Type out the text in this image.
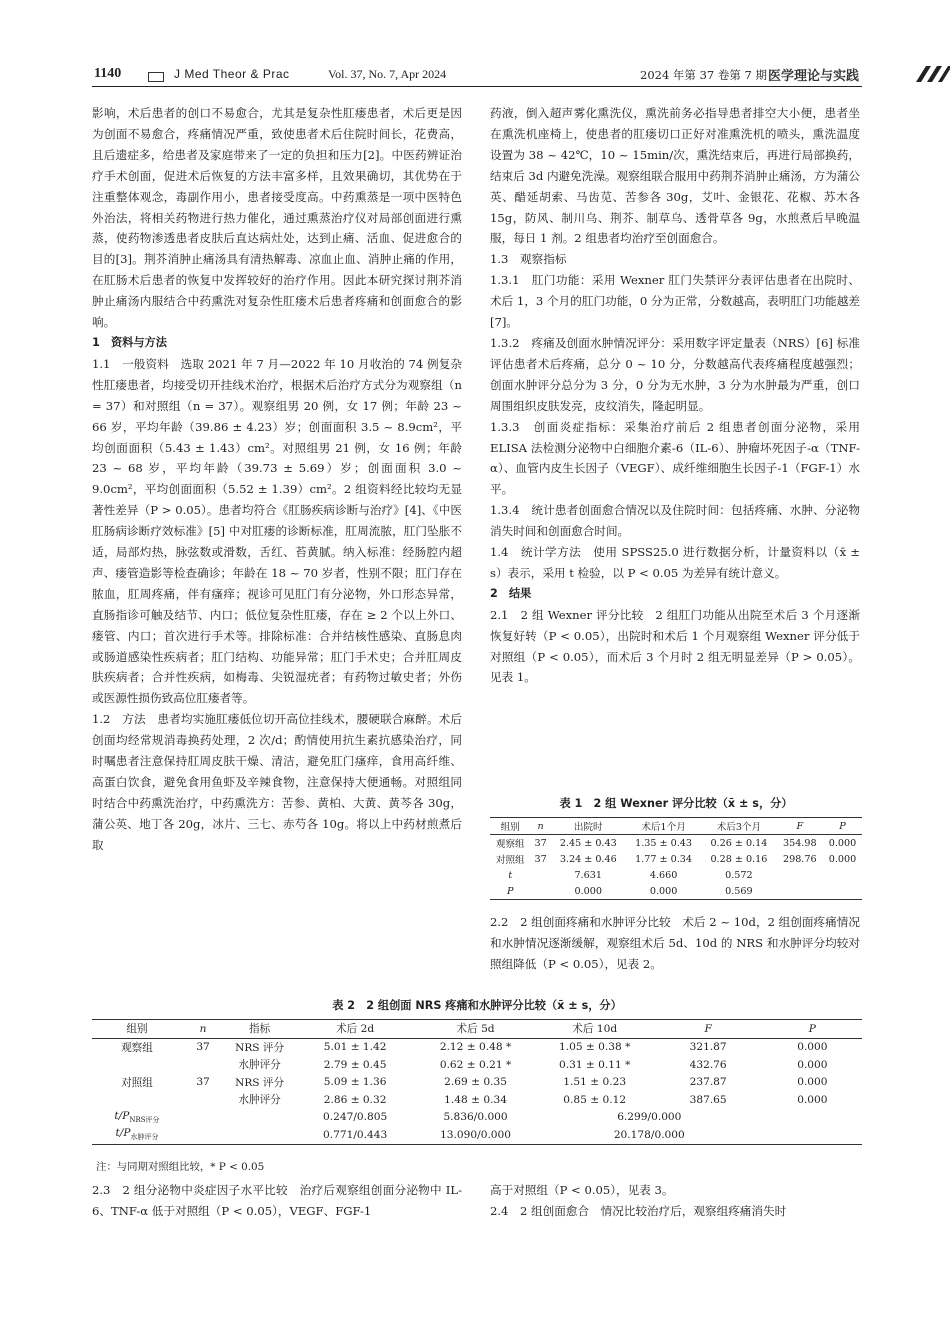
1140	J Med Theor & Prac	Vol. 37, No. 7, Apr 2024	2024 年第 37 卷第 7 期 医学理论与实践

影响，术后患者的创口不易愈合，尤其是复杂性肛瘘患者，术后更是因为创面不易愈合，疼痛情况严重，致使患者术后住院时间长，花费高，且后遗症多，给患者及家庭带来了一定的负担和压力[2]。中医药辨证治疗手术创面，促进术后恢复的方法丰富多样，且效果确切，其优势在于注重整体观念，毒副作用小，患者接受度高。中药熏蒸是一项中医特色外治法，将相关药物进行热力催化，通过熏蒸治疗仪对局部创面进行熏蒸，使药物渗透患者皮肤后直达病灶处，达到止痛、活血、促进愈合的目的[3]。荆芥消肿止痛汤具有清热解毒、凉血止血、消肿止痛的作用，在肛肠术后患者的恢复中发挥较好的治疗作用。因此本研究探讨荆芥消肿止痛汤内服结合中药熏洗对复杂性肛瘘术后患者疼痛和创面愈合的影响。

1　资料与方法

1.1　一般资料　选取 2021 年 7 月—2022 年 10 月收治的 74 例复杂性肛瘘患者，均接受切开挂线术治疗，根据术后治疗方式分为观察组（n = 37）和对照组（n = 37）。观察组男 20 例，女 17 例；年龄 23 ~ 66 岁，平均年龄（39.86 ± 4.23）岁；创面面积 3.5 ~ 8.9cm²，平均创面面积（5.43 ± 1.43）cm²。对照组男 21 例，女 16 例；年龄 23 ~ 68 岁，平均年龄（39.73 ± 5.69）岁；创面面积 3.0 ~ 9.0cm²，平均创面面积（5.52 ± 1.39）cm²。2 组资料经比较均无显著性差异（P > 0.05）。患者均符合《肛肠疾病诊断与治疗》[4]、《中医肛肠病诊断疗效标准》[5] 中对肛瘘的诊断标准，肛周流脓，肛门坠胀不适，局部灼热，脉弦数或滑数，舌红、苔黄腻。纳入标准：经肠腔内超声、瘘管造影等检查确诊；年龄在 18 ~ 70 岁者，性别不限；肛门存在脓血，肛周疼痛，伴有瘙痒；视诊可见肛门有分泌物，外口形态异常，直肠指诊可触及结节、内口；低位复杂性肛瘘，存在 ≥ 2 个以上外口、瘘管、内口；首次进行手术等。排除标准：合并结核性感染、直肠息肉或肠道感染性疾病者；肛门结构、功能异常；肛门手术史；合并肛周皮肤疾病者；合并性疾病，如梅毒、尖锐湿疣者；有药物过敏史者；外伤或医源性损伤致高位肛瘘者等。

1.2　方法　患者均实施肛瘘低位切开高位挂线术，腰硬联合麻醉。术后创面均经常规消毒换药处理，2 次/d；酌情使用抗生素抗感染治疗，同时嘱患者注意保持肛周皮肤干燥、清洁，避免肛门瘙痒，食用高纤维、高蛋白饮食，避免食用鱼虾及辛辣食物，注意保持大便通畅。对照组同时结合中药熏洗治疗，中药熏洗方：苦参、黄柏、大黄、黄芩各 30g，蒲公英、地丁各 20g，冰片、三七、赤芍各 10g。将以上中药材煎煮后取

药液，倒入超声雾化熏洗仪，熏洗前务必指导患者排空大小便，患者坐在熏洗机座椅上，使患者的肛瘘切口正好对准熏洗机的喷头，熏洗温度设置为 38 ~ 42℃，10 ~ 15min/次，熏洗结束后，再进行局部换药，结束后 3d 内避免洗澡。观察组联合服用中药荆芥消肿止痛汤，方为蒲公英、醋延胡索、马齿苋、苦参各 30g，艾叶、金银花、花椒、苏木各 15g，防风、制川乌、荆芥、制草乌、透骨草各 9g，水煎煮后早晚温服，每日 1 剂。2 组患者均治疗至创面愈合。

1.3　观察指标

1.3.1　肛门功能：采用 Wexner 肛门失禁评分表评估患者在出院时、术后 1，3 个月的肛门功能，0 分为正常，分数越高，表明肛门功能越差[7]。

1.3.2　疼痛及创面水肿情况评分：采用数字评定量表（NRS）[6] 标准评估患者术后疼痛，总分 0 ~ 10 分，分数越高代表疼痛程度越强烈；创面水肿评分总分为 3 分，0 分为无水肿，3 分为水肿最为严重，创口周围组织皮肤发亮，皮纹消失，隆起明显。

1.3.3　创面炎症指标：采集治疗前后 2 组患者创面分泌物，采用 ELISA 法检测分泌物中白细胞介素-6（IL-6）、肿瘤坏死因子-α（TNF-α）、血管内皮生长因子（VEGF）、成纤维细胞生长因子-1（FGF-1）水平。

1.3.4　统计患者创面愈合情况以及住院时间：包括疼痛、水肿、分泌物消失时间和创面愈合时间。

1.4　统计学方法　使用 SPSS25.0 进行数据分析，计量资料以（x̄ ± s）表示，采用 t 检验，以 P < 0.05 为差异有统计意义。

2　结果

2.1　2 组 Wexner 评分比较　2 组肛门功能从出院至术后 3 个月逐渐恢复好转（P < 0.05），出院时和术后 1 个月观察组 Wexner 评分低于对照组（P < 0.05），而术后 3 个月时 2 组无明显差异（P > 0.05）。见表 1。

表 1　2 组 Wexner 评分比较（x̄ ± s，分）
组别	n	出院时	术后1个月	术后3个月	F	P
观察组	37	2.45 ± 0.43	1.35 ± 0.43	0.26 ± 0.14	354.98	0.000
对照组	37	3.24 ± 0.46	1.77 ± 0.34	0.28 ± 0.16	298.76	0.000
t		7.631	4.660	0.572		
P		0.000	0.000	0.569		

2.2　2 组创面疼痛和水肿评分比较　术后 2 ~ 10d，2 组创面疼痛情况和水肿情况逐渐缓解，观察组术后 5d、10d 的 NRS 和水肿评分均较对照组降低（P < 0.05），见表 2。

表 2　2 组创面 NRS 疼痛和水肿评分比较（x̄ ± s，分）
组别	n	指标	术后 2d	术后 5d	术后 10d	F	P
观察组	37	NRS 评分	5.01 ± 1.42	2.12 ± 0.48 *	1.05 ± 0.38 *	321.87	0.000
		水肿评分	2.79 ± 0.45	0.62 ± 0.21 *	0.31 ± 0.11 *	432.76	0.000
对照组	37	NRS 评分	5.09 ± 1.36	2.69 ± 0.35	1.51 ± 0.23	237.87	0.000
		水肿评分	2.86 ± 0.32	1.48 ± 0.34	0.85 ± 0.12	387.65	0.000
$t/P_{NRS评分}$			0.247/0.805	5.836/0.000	6.299/0.000		
$t/P_{水肿评分}$			0.771/0.443	13.090/0.000	20.178/0.000		
注：与同期对照组比较，* P < 0.05

2.3　2 组分泌物中炎症因子水平比较　治疗后观察组创面分泌物中 IL-6、TNF-α 低于对照组（P < 0.05），VEGF、FGF-1

高于对照组（P < 0.05），见表 3。

2.4　2 组创面愈合　情况比较治疗后，观察组疼痛消失时
